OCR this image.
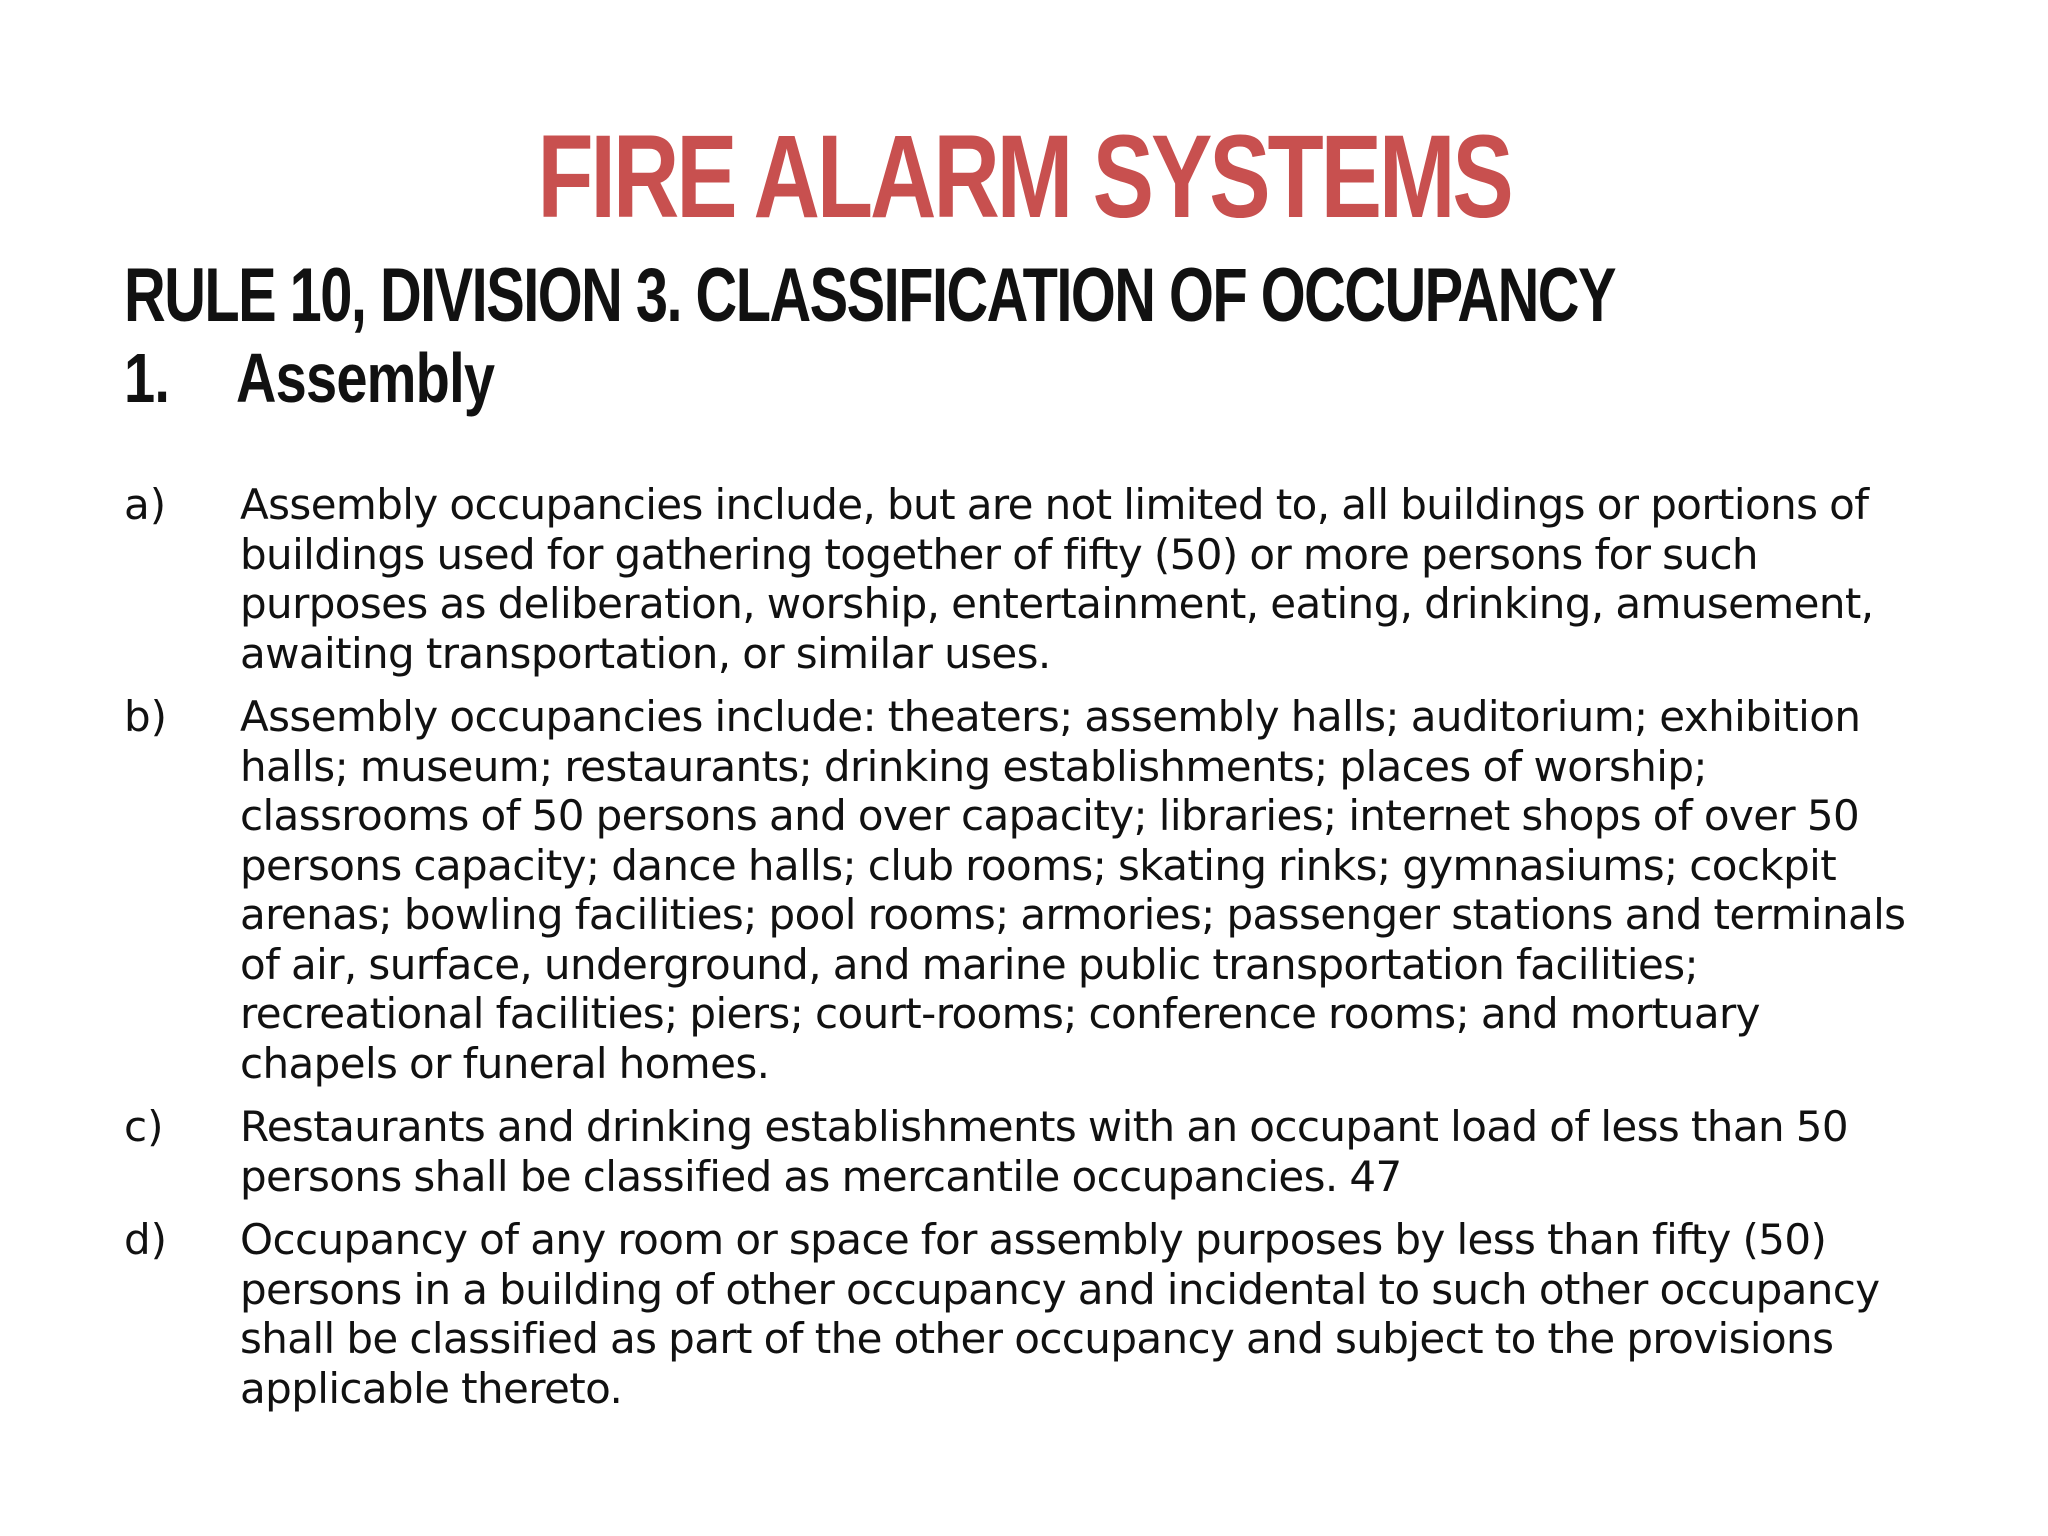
FIRE ALARM SYSTEMS
RULE 10, DIVISION 3. CLASSIFICATION OF OCCUPANCY
1. Assembly
a)	Assembly occupancies include, but are not limited to, all buildings or portions of buildings used for gathering together of fifty (50) or more persons for such purposes as deliberation, worship, entertainment, eating, drinking, amusement, awaiting transportation, or similar uses.
b)	Assembly occupancies include: theaters; assembly halls; auditorium; exhibition halls; museum; restaurants; drinking establishments; places of worship; classrooms of 50 persons and over capacity; libraries; internet shops of over 50 persons capacity; dance halls; club rooms; skating rinks; gymnasiums; cockpit arenas; bowling facilities; pool rooms; armories; passenger stations and terminals of air, surface, underground, and marine public transportation facilities; recreational facilities; piers; court-rooms; conference rooms; and mortuary chapels or funeral homes.
c)	Restaurants and drinking establishments with an occupant load of less than 50 persons shall be classified as mercantile occupancies. 47
d)	Occupancy of any room or space for assembly purposes by less than fifty (50) persons in a building of other occupancy and incidental to such other occupancy shall be classified as part of the other occupancy and subject to the provisions applicable thereto.
